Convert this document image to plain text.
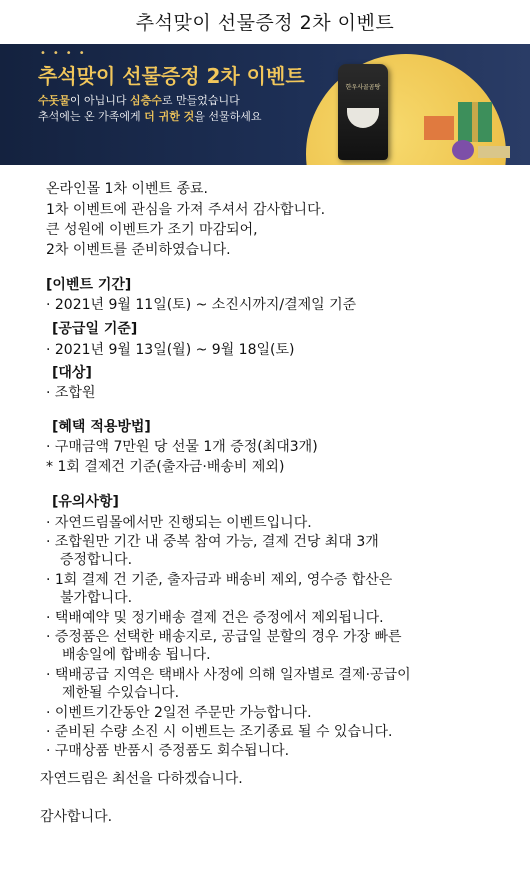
추석맞이 선물증정 2차 이벤트
••••
추석맞이 선물증정 2차 이벤트
수돗물이 아닙니다 심층수로 만들었습니다
추석에는 온 가족에게 더 귀한 것을 선물하세요
한우사골곰탕
온라인몰 1차 이벤트 종료.
1차 이벤트에 관심을 가져 주셔서 감사합니다.
큰 성원에 이벤트가 조기 마감되어,
2차 이벤트를 준비하였습니다.
[이벤트 기간]
· 2021년 9월 11일(토) ~ 소진시까지/결제일 기준
[공급일 기준]
· 2021년 9월 13일(월) ~ 9월 18일(토)
[대상]
· 조합원
[혜택 적용방법]
· 구매금액 7만원 당 선물 1개 증정(최대3개)
* 1회 결제건 기준(출자금·배송비 제외)
[유의사항]
· 자연드림몰에서만 진행되는 이벤트입니다.
· 조합원만 기간 내 중복 참여 가능, 결제 건당 최대 3개
증정합니다.
· 1회 결제 건 기준, 출자금과 배송비 제외, 영수증 합산은
불가합니다.
· 택배예약 및 정기배송 결제 건은 증정에서 제외됩니다.
· 증정품은 선택한 배송지로, 공급일 분할의 경우 가장 빠른
배송일에 합배송 됩니다.
· 택배공급 지역은 택배사 사정에 의해 일자별로 결제·공급이
제한될 수있습니다.
· 이벤트기간동안 2일전 주문만 가능합니다.
· 준비된 수량 소진 시 이벤트는 조기종료 될 수 있습니다.
· 구매상품 반품시 증정품도 회수됩니다.
자연드림은 최선을 다하겠습니다.
감사합니다.
